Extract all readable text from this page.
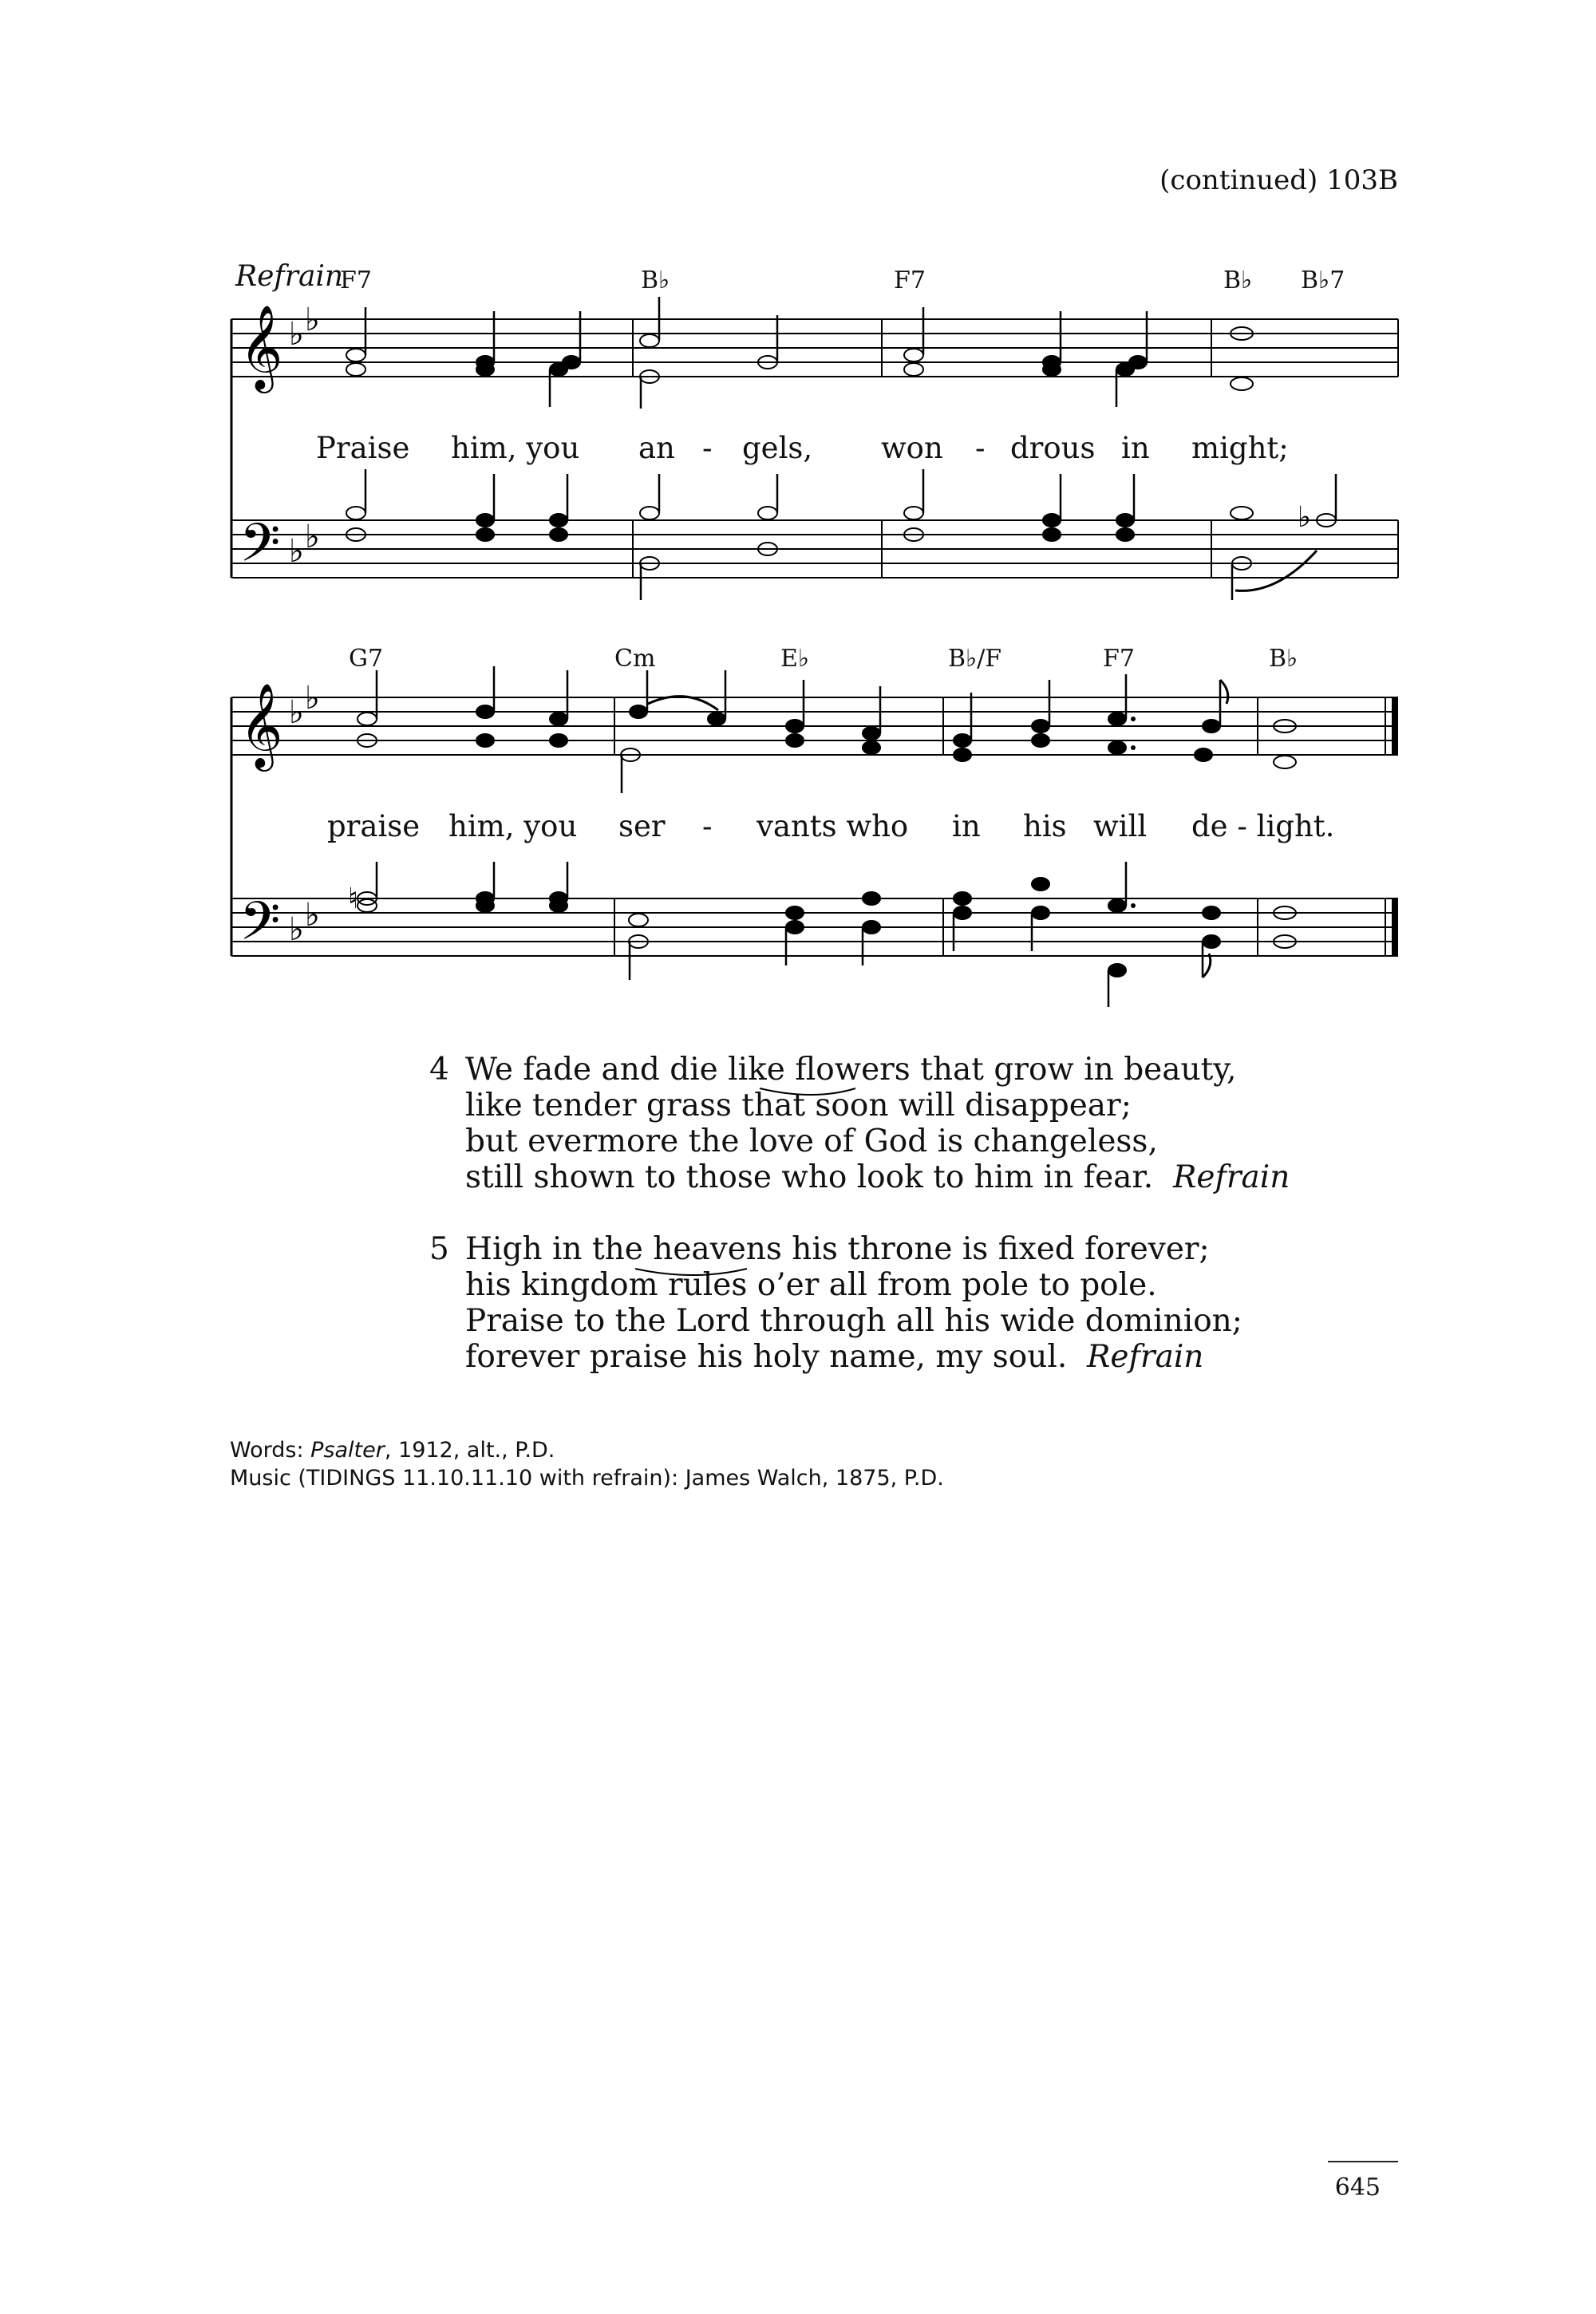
(continued) 103B
𝄞
𝄢
𝄞
𝄢
♭ ♭
♭ ♭
♭ ♭
♭ ♭
♭
♮
Refrain
F7	B♭	F7	B♭ B♭7
Praise him, you an - gels, won - drous in might;
G7	Cm	E♭	B♭/F	F7	B♭
praise him, you ser - vants who in his will de - light.
4 We fade and die like flowers that grow in beauty,
like tender grass that soon will disappear;
but evermore the love of God is changeless,
still shown to those who look to him in fear. Refrain
5 High in the heavens his throne is fixed forever;
his kingdom rules o’er all from pole to pole.
Praise to the Lord through all his wide dominion;
forever praise his holy name, my soul. Refrain
Words: Psalter, 1912, alt., P.D.
Music (TIDINGS 11.10.11.10 with refrain): James Walch, 1875, P.D.
645
